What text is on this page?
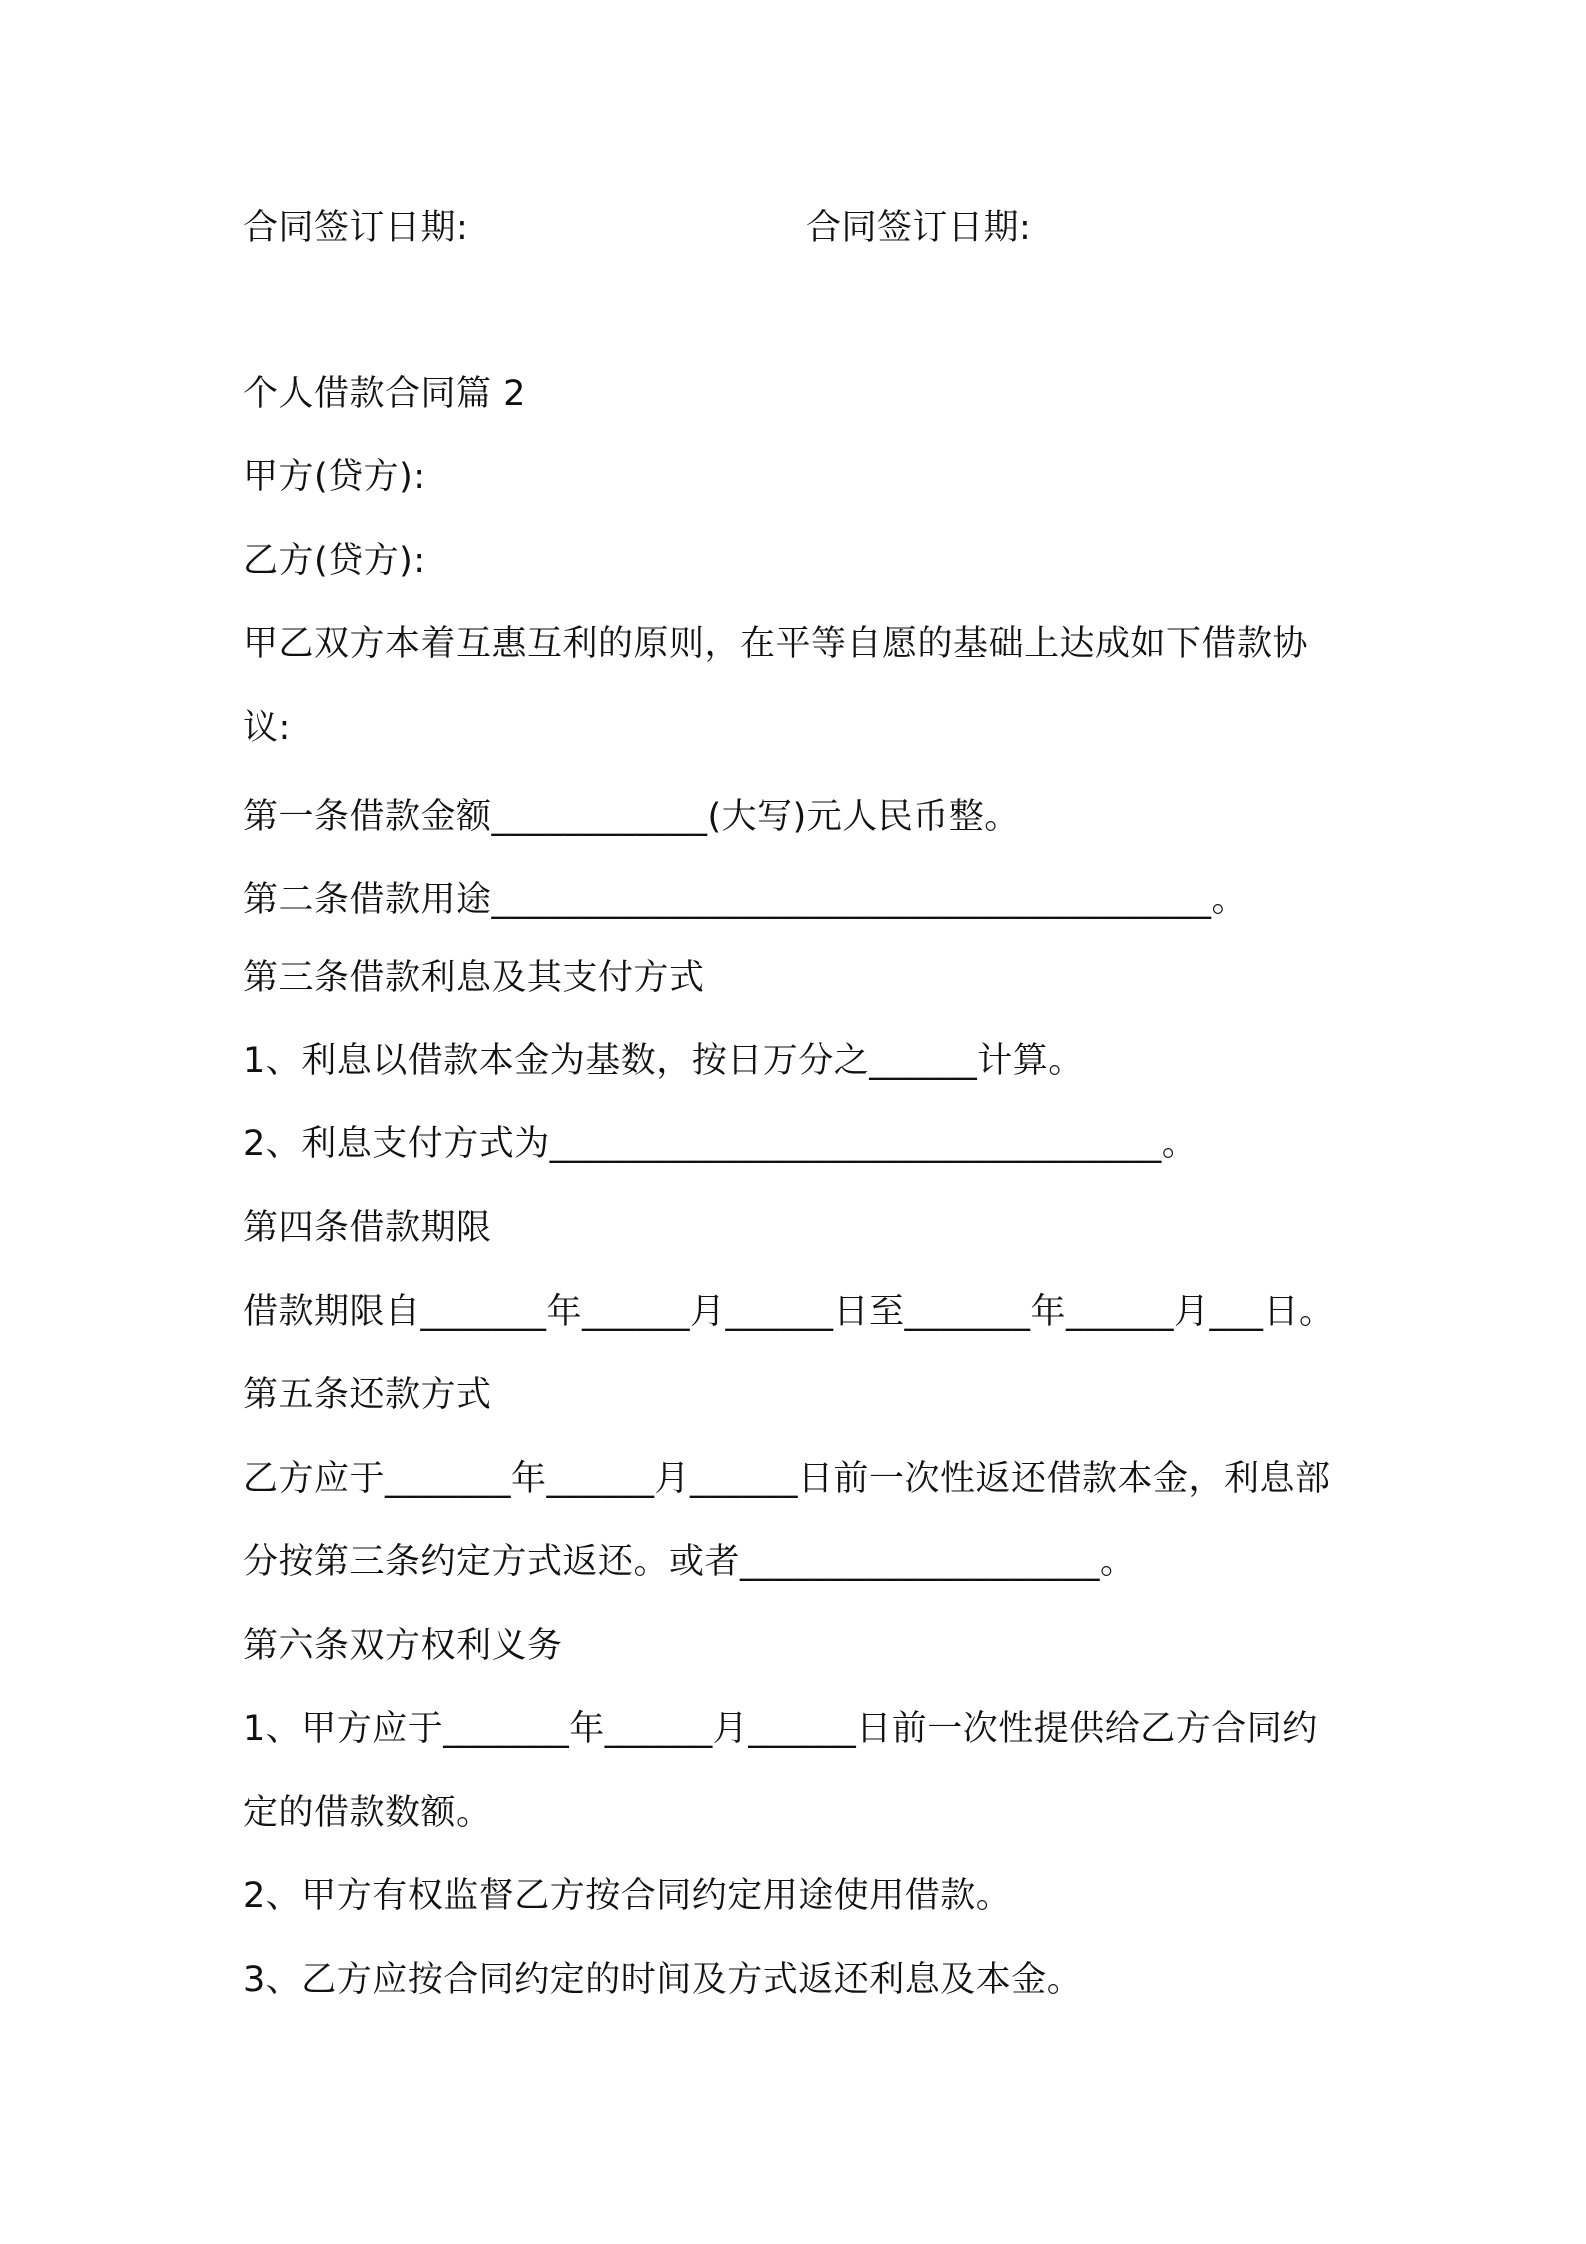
合同签订日期:	合同签订日期:
个人借款合同篇 2
甲方(贷方):
乙方(贷方):
甲乙双方本着互惠互利的原则，在平等自愿的基础上达成如下借款协
议:
第一条借款金额____________(大写)元人民币整。
第二条借款用途________________________________________。
第三条借款利息及其支付方式
1、利息以借款本金为基数，按日万分之______计算。
2、利息支付方式为__________________________________。
第四条借款期限
借款期限自_______年______月______日至_______年______月___日。
第五条还款方式
乙方应于_______年______月______日前一次性返还借款本金，利息部
分按第三条约定方式返还。或者____________________。
第六条双方权利义务
1、甲方应于_______年______月______日前一次性提供给乙方合同约
定的借款数额。
2、甲方有权监督乙方按合同约定用途使用借款。
3、乙方应按合同约定的时间及方式返还利息及本金。
